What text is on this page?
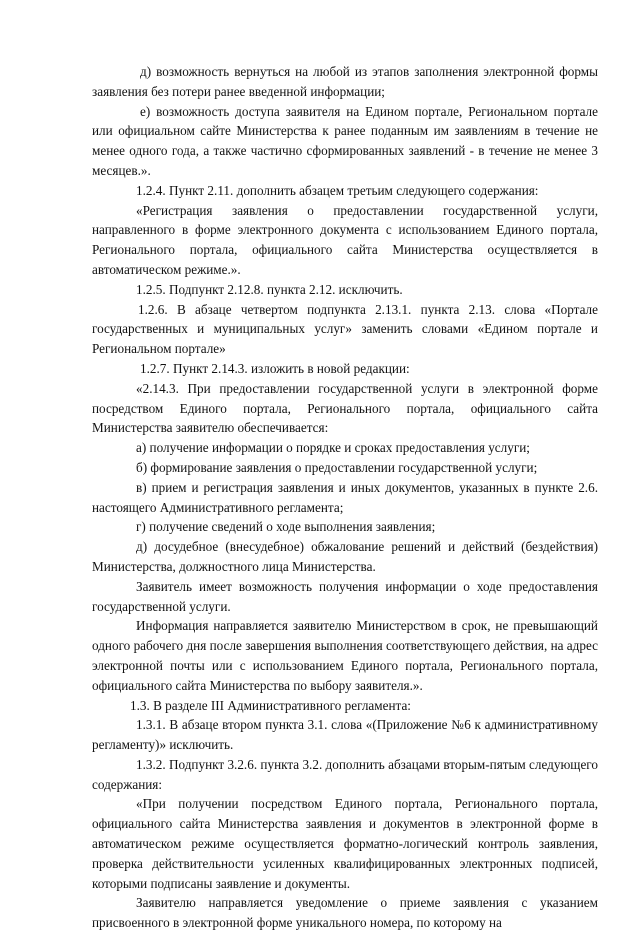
д) возможность вернуться на любой из этапов заполнения электронной формы заявления без потери ранее введенной информации;

е) возможность доступа заявителя на Едином портале, Региональном портале или официальном сайте Министерства к ранее поданным им заявлениям в течение не менее одного года, а также частично сформированных заявлений - в течение не менее 3 месяцев.».

1.2.4. Пункт 2.11. дополнить абзацем третьим следующего содержания:

«Регистрация заявления о предоставлении государственной услуги, направленного в форме электронного документа с использованием Единого портала, Регионального портала, официального сайта Министерства осуществляется в автоматическом режиме.».

1.2.5. Подпункт 2.12.8. пункта 2.12. исключить.

1.2.6. В абзаце четвертом подпункта 2.13.1. пункта 2.13. слова «Портале государственных и муниципальных услуг» заменить словами «Едином портале и Региональном портале»

1.2.7. Пункт 2.14.3. изложить в новой редакции:

«2.14.3. При предоставлении государственной услуги в электронной форме посредством Единого портала, Регионального портала, официального сайта Министерства заявителю обеспечивается:

а) получение информации о порядке и сроках предоставления услуги;

б) формирование заявления о предоставлении государственной услуги;

в) прием и регистрация заявления и иных документов, указанных в пункте 2.6. настоящего Административного регламента;

г) получение сведений о ходе выполнения заявления;

д) досудебное (внесудебное) обжалование решений и действий (бездействия) Министерства, должностного лица Министерства.

Заявитель имеет возможность получения информации о ходе предоставления государственной услуги.

Информация направляется заявителю Министерством в срок, не превышающий одного рабочего дня после завершения выполнения соответствующего действия, на адрес электронной почты или с использованием Единого портала, Регионального портала, официального сайта Министерства по выбору заявителя.».

1.3. В разделе III Административного регламента:

1.3.1. В абзаце втором пункта 3.1. слова «(Приложение №6 к административному регламенту)» исключить.

1.3.2. Подпункт 3.2.6. пункта 3.2. дополнить абзацами вторым-пятым следующего содержания:

«При получении посредством Единого портала, Регионального портала, официального сайта Министерства заявления и документов в электронной форме в автоматическом режиме осуществляется форматно-логический контроль заявления, проверка действительности усиленных квалифицированных электронных подписей, которыми подписаны заявление и документы.

Заявителю направляется уведомление о приеме заявления с указанием присвоенного в электронной форме уникального номера, по которому на
